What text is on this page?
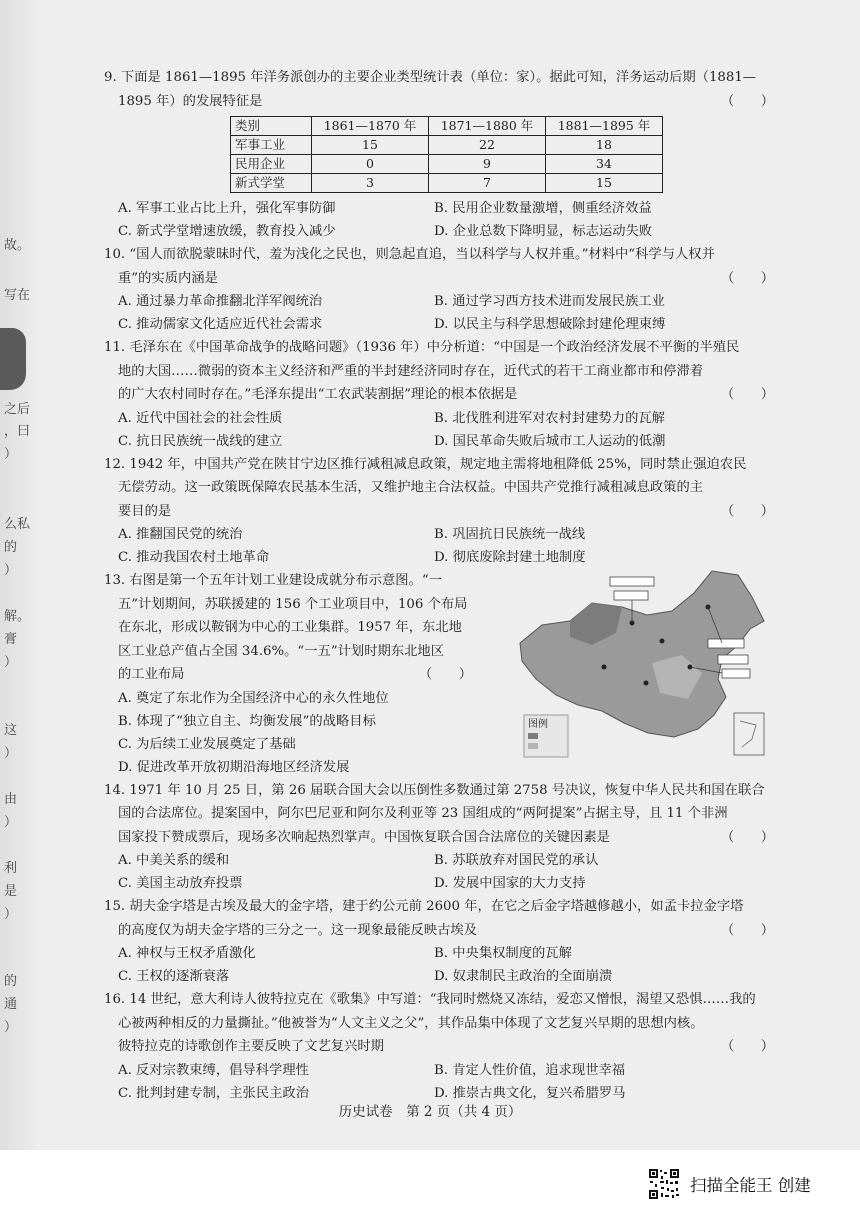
故。
写在
之后
，曰
）
么私
的
）
解。
膏
）
这
）
由
）
利
是
）
的
通
）

9. 下面是 1861—1895 年洋务派创办的主要企业类型统计表（单位：家）。据此可知，洋务运动后期（1881—

1895 年）的发展特征是	（　　）

类别	1861—1870 年	1871—1880 年	1881—1895 年
军事工业	15	22	18
民用企业	0	9	34
新式学堂	3	7	15
A. 军事工业占比上升，强化军事防御	B. 民用企业数量激增，侧重经济效益
C. 新式学堂增速放缓，教育投入减少	D. 企业总数下降明显，标志运动失败

10. “国人而欲脱蒙昧时代，羞为浅化之民也，则急起直追，当以科学与人权并重。”材料中“科学与人权并

重”的实质内涵是	（　　）

A. 通过暴力革命推翻北洋军阀统治	B. 通过学习西方技术进而发展民族工业
C. 推动儒家文化适应近代社会需求	D. 以民主与科学思想破除封建伦理束缚

11. 毛泽东在《中国革命战争的战略问题》（1936 年）中分析道：“中国是一个政治经济发展不平衡的半殖民

地的大国……微弱的资本主义经济和严重的半封建经济同时存在，近代式的若干工商业都市和停滞着

的广大农村同时存在。”毛泽东提出“工农武装割据”理论的根本依据是	（　　）

A. 近代中国社会的社会性质	B. 北伐胜利进军对农村封建势力的瓦解
C. 抗日民族统一战线的建立	D. 国民革命失败后城市工人运动的低潮

12. 1942 年，中国共产党在陕甘宁边区推行减租减息政策，规定地主需将地租降低 25%，同时禁止强迫农民

无偿劳动。这一政策既保障农民基本生活，又维护地主合法权益。中国共产党推行减租减息政策的主

要目的是	（　　）

A. 推翻国民党的统治	B. 巩固抗日民族统一战线
C. 推动我国农村土地革命	D. 彻底废除封建土地制度

13. 右图是第一个五年计划工业建设成就分布示意图。“一

五”计划期间，苏联援建的 156 个工业项目中，106 个布局

在东北，形成以鞍钢为中心的工业集群。1957 年，东北地

区工业总产值占全国 34.6%。“一五”计划时期东北地区

的工业布局	（　　）

A. 奠定了东北作为全国经济中心的永久性地位
B. 体现了“独立自主、均衡发展”的战略目标
C. 为后续工业发展奠定了基础
D. 促进改革开放初期沿海地区经济发展
图例

14. 1971 年 10 月 25 日，第 26 届联合国大会以压倒性多数通过第 2758 号决议，恢复中华人民共和国在联合

国的合法席位。提案国中，阿尔巴尼亚和阿尔及利亚等 23 国组成的“两阿提案”占据主导，且 11 个非洲

国家投下赞成票后，现场多次响起热烈掌声。中国恢复联合国合法席位的关键因素是	（　　）

A. 中美关系的缓和	B. 苏联放弃对国民党的承认
C. 美国主动放弃投票	D. 发展中国家的大力支持

15. 胡夫金字塔是古埃及最大的金字塔，建于约公元前 2600 年，在它之后金字塔越修越小，如孟卡拉金字塔

的高度仅为胡夫金字塔的三分之一。这一现象最能反映古埃及	（　　）

A. 神权与王权矛盾激化	B. 中央集权制度的瓦解
C. 王权的逐渐衰落	D. 奴隶制民主政治的全面崩溃

16. 14 世纪，意大利诗人彼特拉克在《歌集》中写道：“我同时燃烧又冻结，爱恋又憎恨，渴望又恐惧……我的

心被两种相反的力量撕扯。”他被誉为“人文主义之父”，其作品集中体现了文艺复兴早期的思想内核。

彼特拉克的诗歌创作主要反映了文艺复兴时期	（　　）

A. 反对宗教束缚，倡导科学理性	B. 肯定人性价值，追求现世幸福
C. 批判封建专制，主张民主政治	D. 推崇古典文化，复兴希腊罗马
历史试卷　第 2 页（共 4 页）
扫描全能王 创建
